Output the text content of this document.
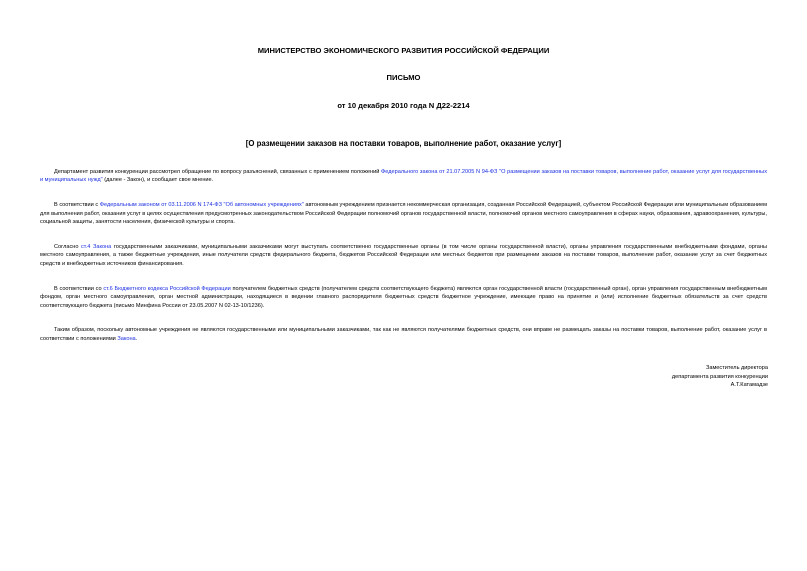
МИНИСТЕРСТВО ЭКОНОМИЧЕСКОГО РАЗВИТИЯ РОССИЙСКОЙ ФЕДЕРАЦИИ

ПИСЬМО

от 10 декабря 2010 года N Д22-2214

[О размещении заказов на поставки товаров, выполнение работ, оказание услуг]

Департамент развития конкуренции рассмотрел обращение по вопросу разъяснений, связанных с применением положений Федерального закона от 21.07.2005 N 94-ФЗ "О размещении заказов на поставки товаров, выполнение работ, оказание услуг для государственных и муниципальных нужд" (далее - Закон), и сообщает свое мнение.

В соответствии с Федеральным законом от 03.11.2006 N 174-ФЗ "Об автономных учреждениях" автономным учреждением признается некоммерческая организация, созданная Российской Федерацией, субъектом Российской Федерации или муниципальным образованием для выполнения работ, оказания услуг в целях осуществления предусмотренных законодательством Российской Федерации полномочий органов государственной власти, полномочий органов местного самоуправления в сферах науки, образования, здравоохранения, культуры, социальной защиты, занятости населения, физической культуры и спорта.

Согласно ст.4 Закона государственными заказчиками, муниципальными заказчиками могут выступать соответственно государственные органы (в том числе органы государственной власти), органы управления государственными внебюджетными фондами, органы местного самоуправления, а также бюджетные учреждения, иные получатели средств федерального бюджета, бюджетов Российской Федерации или местных бюджетов при размещении заказов на поставки товаров, выполнение работ, оказание услуг за счет бюджетных средств и внебюджетных источников финансирования.

В соответствии со ст.6 Бюджетного кодекса Российской Федерации получателем бюджетных средств (получателем средств соответствующего бюджета) являются орган государственной власти (государственный орган), орган управления государственным внебюджетным фондом, орган местного самоуправления, орган местной администрации, находящиеся в ведении главного распорядителя бюджетных средств бюджетное учреждение, имеющие право на принятие и (или) исполнение бюджетных обязательств за счет средств соответствующего бюджета (письмо Минфина России от 23.05.2007 N 02-13-10/1236).

Таким образом, поскольку автономные учреждения не являются государственными или муниципальными заказчиками, так как не являются получателями бюджетных средств, они вправе не размещать заказы на поставки товаров, выполнение работ, оказание услуг в соответствии с положениями Закона.

Заместитель директора
департамента развития конкуренции
А.Т.Катамадзе
